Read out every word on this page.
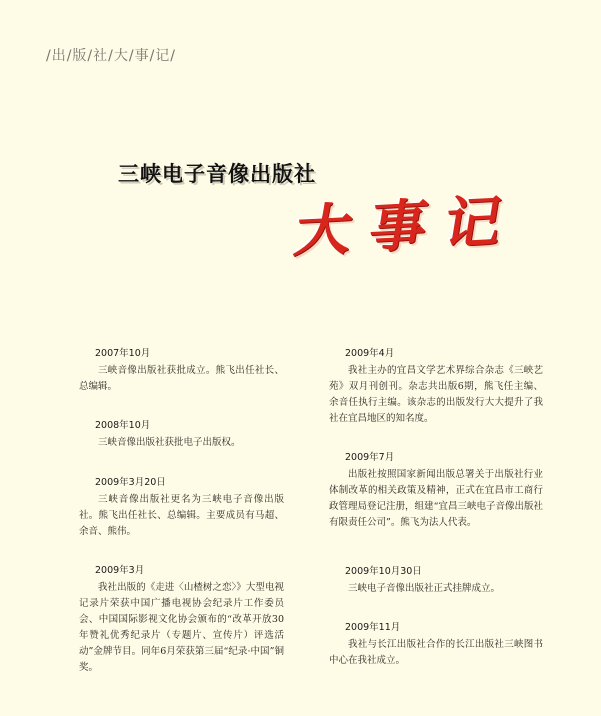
/出/版/社/大/事/记/
三峡电子音像出版社
大事记

2007年10月

三峡音像出版社获批成立。熊飞出任社长、总编辑。

2008年10月

三峡音像出版社获批电子出版权。

2009年3月20日

三峡音像出版社更名为三峡电子音像出版社。熊飞出任社长、总编辑。主要成员有马超、余音、熊伟。

2009年3月

我社出版的《走进〈山楂树之恋〉》大型电视记录片荣获中国广播电视协会纪录片工作委员会、中国国际影视文化协会颁布的“改革开放30年赞礼优秀纪录片（专题片、宣传片）评选活动”金牌节目。同年6月荣获第三届“纪录·中国”铜奖。

2009年4月

我社主办的宜昌文学艺术界综合杂志《三峡艺苑》双月刊创刊。杂志共出版6期，熊飞任主编、余音任执行主编。该杂志的出版发行大大提升了我社在宜昌地区的知名度。

2009年7月

出版社按照国家新闻出版总署关于出版社行业体制改革的相关政策及精神，正式在宜昌市工商行政管理局登记注册，组建“宜昌三峡电子音像出版社有限责任公司”。熊飞为法人代表。

2009年10月30日

三峡电子音像出版社正式挂牌成立。

2009年11月

我社与长江出版社合作的长江出版社三峡图书中心在我社成立。
